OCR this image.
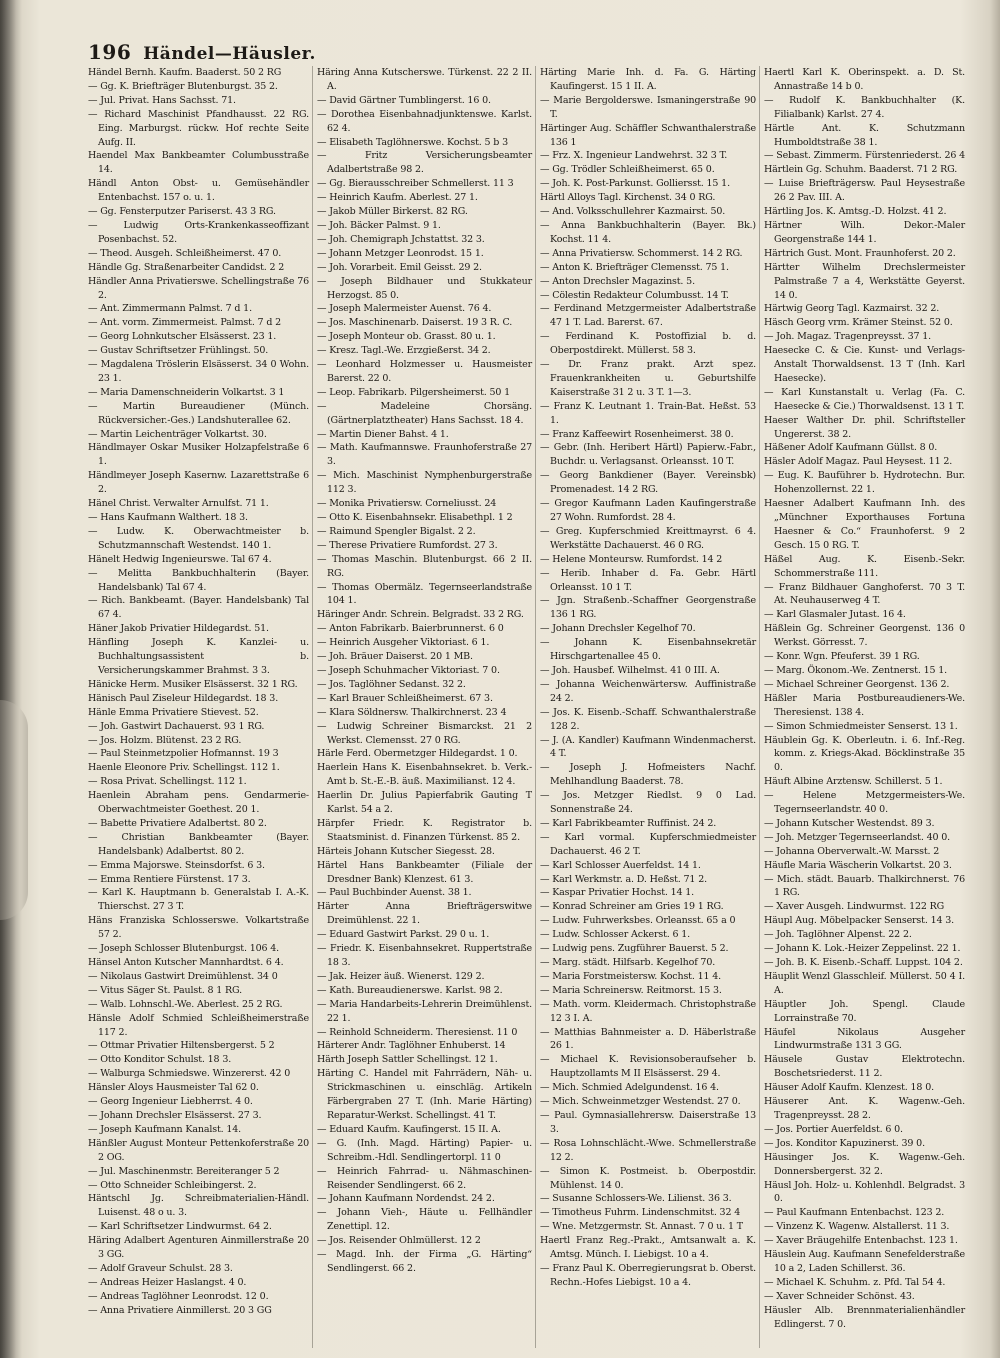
196 Händel—Häusler.

Händel Bernh. Kaufm. Baaderst. 50 2 RG

— Gg. K. Briefträger Blutenburgst. 35 2.

— Jul. Privat. Hans Sachsst. 71.

— Richard Maschinist Pfandhausst. 22 RG. Eing. Marburgst. rückw. Hof rechte Seite Aufg. II.

Haendel Max Bankbeamter Columbusstraße 14.

Händl Anton Obst- u. Gemüsehändler Entenbachst. 157 o. u. 1.

— Gg. Fensterputzer Pariserst. 43 3 RG.

— Ludwig Orts-Krankenkasseoffizant Posenbachst. 52.

— Theod. Ausgeh. Schleißheimerst. 47 0.

Händle Gg. Straßenarbeiter Candidst. 2 2

Händler Anna Privatierswe. Schellingstraße 76 2.

— Ant. Zimmermann Palmst. 7 d 1.

— Ant. vorm. Zimmermeist. Palmst. 7 d 2

— Georg Lohnkutscher Elsässerst. 23 1.

— Gustav Schriftsetzer Frühlingst. 50.

— Magdalena Tröslerin Elsässerst. 34 0 Wohn. 23 1.

— Maria Damenschneiderin Volkartst. 3 1

— Martin Bureaudiener (Münch. Rückversicher.-Ges.) Landshuterallee 62.

— Martin Leichenträger Volkartst. 30.

Händlmayer Oskar Musiker Holzapfelstraße 6 1.

Händlmeyer Joseph Kasernw. Lazarettstraße 6 2.

Hänel Christ. Verwalter Arnulfst. 71 1.

— Hans Kaufmann Walthert. 18 3.

— Ludw. K. Oberwachtmeister b. Schutzmannschaft Westendst. 140 1.

Hänelt Hedwig Ingenieurswe. Tal 67 4.

— Melitta Bankbuchhalterin (Bayer. Handelsbank) Tal 67 4.

— Rich. Bankbeamt. (Bayer. Handelsbank) Tal 67 4.

Häner Jakob Privatier Hildegardst. 51.

Hänfling Joseph K. Kanzlei- u. Buchhaltungsassistent b. Versicherungskammer Brahmst. 3 3.

Hänicke Herm. Musiker Elsässerst. 32 1 RG.

Hänisch Paul Ziseleur Hildegardst. 18 3.

Hänle Emma Privatiere Stievest. 52.

— Joh. Gastwirt Dachauerst. 93 1 RG.

— Jos. Holzm. Blütenst. 23 2 RG.

— Paul Steinmetzpolier Hofmannst. 19 3

Haenle Eleonore Priv. Schellingst. 112 1.

— Rosa Privat. Schellingst. 112 1.

Haenlein Abraham pens. Gendarmerie-Oberwachtmeister Goethest. 20 1.

— Babette Privatiere Adalbertst. 80 2.

— Christian Bankbeamter (Bayer. Handelsbank) Adalbertst. 80 2.

— Emma Majorswe. Steinsdorfst. 6 3.

— Emma Rentiere Fürstenst. 17 3.

— Karl K. Hauptmann b. Generalstab I. A.-K. Thierschst. 27 3 T.

Häns Franziska Schlosserswe. Volkartstraße 57 2.

— Joseph Schlosser Blutenburgst. 106 4.

Hänsel Anton Kutscher Mannhardtst. 6 4.

— Nikolaus Gastwirt Dreimühlenst. 34 0

— Vitus Säger St. Paulst. 8 1 RG.

— Walb. Lohnschl.-We. Aberlest. 25 2 RG.

Hänsle Adolf Schmied Schleißheimerstraße 117 2.

— Ottmar Privatier Hiltensbergerst. 5 2

— Otto Konditor Schulst. 18 3.

— Walburga Schmiedswe. Winzererst. 42 0

Hänsler Aloys Hausmeister Tal 62 0.

— Georg Ingenieur Liebherrst. 4 0.

— Johann Drechsler Elsässerst. 27 3.

— Joseph Kaufmann Kanalst. 14.

Hänßler August Monteur Pettenkoferstraße 20 2 OG.

— Jul. Maschinenmstr. Bereiteranger 5 2

— Otto Schneider Schleibingerst. 2.

Häntschl Jg. Schreibmaterialien-Händl. Luisenst. 48 o u. 3.

— Karl Schriftsetzer Lindwurmst. 64 2.

Häring Adalbert Agenturen Ainmillerstraße 20 3 GG.

— Adolf Graveur Schulst. 28 3.

— Andreas Heizer Haslangst. 4 0.

— Andreas Taglöhner Leonrodst. 12 0.

— Anna Privatiere Ainmillerst. 20 3 GG

Häring Anna Kutscherswe. Türkenst. 22 2 II. A.

— David Gärtner Tumblingerst. 16 0.

— Dorothea Eisenbahnadjunktenswe. Karlst. 62 4.

— Elisabeth Taglöhnerswe. Kochst. 5 b 3

— Fritz Versicherungsbeamter Adalbertstraße 98 2.

— Gg. Bierausschreiber Schmellerst. 11 3

— Heinrich Kaufm. Aberlest. 27 1.

— Jakob Müller Birkerst. 82 RG.

— Joh. Bäcker Palmst. 9 1.

— Joh. Chemigraph Jchstattst. 32 3.

— Johann Metzger Leonrodst. 15 1.

— Joh. Vorarbeit. Emil Geisst. 29 2.

— Joseph Bildhauer und Stukkateur Herzogst. 85 0.

— Joseph Malermeister Auenst. 76 4.

— Jos. Maschinenarb. Daiserst. 19 3 R. C.

— Joseph Monteur ob. Grasst. 80 u. 1.

— Kresz. Tagl.-We. Erzgießerst. 34 2.

— Leonhard Holzmesser u. Hausmeister Barerst. 22 0.

— Leop. Fabrikarb. Pilgersheimerst. 50 1

— Madeleine Chorsäng. (Gärtnerplatztheater) Hans Sachsst. 18 4.

— Martin Diener Bahst. 4 1.

— Math. Kaufmannswe. Fraunhoferstraße 27 3.

— Mich. Maschinist Nymphenburgerstraße 112 3.

— Monika Privatiersw. Corneliusst. 24

— Otto K. Eisenbahnsekr. Elisabethpl. 1 2

— Raimund Spengler Bigalst. 2 2.

— Therese Privatiere Rumfordst. 27 3.

— Thomas Maschin. Blutenburgst. 66 2 II. RG.

— Thomas Obermälz. Tegernseerlandstraße 104 1.

Häringer Andr. Schrein. Belgradst. 33 2 RG.

— Anton Fabrikarb. Baierbrunnerst. 6 0

— Heinrich Ausgeher Viktoriast. 6 1.

— Joh. Bräuer Daiserst. 20 1 MB.

— Joseph Schuhmacher Viktoriast. 7 0.

— Jos. Taglöhner Sedanst. 32 2.

— Karl Brauer Schleißheimerst. 67 3.

— Klara Söldnersw. Thalkirchnerst. 23 4

— Ludwig Schreiner Bismarckst. 21 2 Werkst. Clemensst. 27 0 RG.

Härle Ferd. Obermetzger Hildegardst. 1 0.

Haerlein Hans K. Eisenbahnsekret. b. Verk.-Amt b. St.-E.-B. äuß. Maximilianst. 12 4.

Haerlin Dr. Julius Papierfabrik Gauting T Karlst. 54 a 2.

Härpfer Friedr. K. Registrator b. Staatsminist. d. Finanzen Türkenst. 85 2.

Härteis Johann Kutscher Siegesst. 28.

Härtel Hans Bankbeamter (Filiale der Dresdner Bank) Klenzest. 61 3.

— Paul Buchbinder Auenst. 38 1.

Härter Anna Briefträgerswitwe Dreimühlenst. 22 1.

— Eduard Gastwirt Parkst. 29 0 u. 1.

— Friedr. K. Eisenbahnsekret. Ruppertstraße 18 3.

— Jak. Heizer äuß. Wienerst. 129 2.

— Kath. Bureaudienerswe. Karlst. 98 2.

— Maria Handarbeits-Lehrerin Dreimühlenst. 22 1.

— Reinhold Schneiderm. Theresienst. 11 0

Härterer Andr. Taglöhner Enhuberst. 14

Härth Joseph Sattler Schellingst. 12 1.

Härting C. Handel mit Fahrrädern, Näh- u. Strickmaschinen u. einschläg. Artikeln Färbergraben 27 T. (Inh. Marie Härting) Reparatur-Werkst. Schellingst. 41 T.

— Eduard Kaufm. Kaufingerst. 15 II. A.

— G. (Inh. Magd. Härting) Papier- u. Schreibm.-Hdl. Sendlingertorpl. 11 0

— Heinrich Fahrrad- u. Nähmaschinen-Reisender Sendlingerst. 66 2.

— Johann Kaufmann Nordendst. 24 2.

— Johann Vieh-, Häute u. Fellhändler Zenettipl. 12.

— Jos. Reisender Ohlmüllerst. 12 2

— Magd. Inh. der Firma „G. Härting“ Sendlingerst. 66 2.

Härting Marie Inh. d. Fa. G. Härting Kaufingerst. 15 1 II. A.

— Marie Bergolderswe. Ismaningerstraße 90 T.

Härtinger Aug. Schäffler Schwanthalerstraße 136 1

— Frz. X. Ingenieur Landwehrst. 32 3 T.

— Gg. Trödler Schleißheimerst. 65 0.

— Joh. K. Post-Parkunst. Golliersst. 15 1.

Härtl Alloys Tagl. Kirchenst. 34 0 RG.

— And. Volksschullehrer Kazmairst. 50.

— Anna Bankbuchhalterin (Bayer. Bk.) Kochst. 11 4.

— Anna Privatiersw. Schommerst. 14 2 RG.

— Anton K. Briefträger Clemensst. 75 1.

— Anton Drechsler Magazinst. 5.

— Cölestin Redakteur Columbusst. 14 T.

— Ferdinand Metzgermeister Adalbertstraße 47 1 T. Lad. Barerst. 67.

— Ferdinand K. Postoffizial b. d. Oberpostdirekt. Müllerst. 58 3.

— Dr. Franz prakt. Arzt spez. Frauenkrankheiten u. Geburtshilfe Kaiserstraße 31 2 u. 3 T. 1—3.

— Franz K. Leutnant 1. Train-Bat. Heßst. 53 1.

— Franz Kaffeewirt Rosenheimerst. 38 0.

— Gebr. (Inh. Heribert Härtl) Papierw.-Fabr., Buchdr. u. Verlagsanst. Orleansst. 10 T.

— Georg Bankdiener (Bayer. Vereinsbk) Promenadest. 14 2 RG.

— Gregor Kaufmann Laden Kaufingerstraße 27 Wohn. Rumfordst. 28 4.

— Greg. Kupferschmied Kreittmayrst. 6 4. Werkstätte Dachauerst. 46 0 RG.

— Helene Monteursw. Rumfordst. 14 2

— Herib. Inhaber d. Fa. Gebr. Härtl Orleansst. 10 1 T.

— Jgn. Straßenb.-Schaffner Georgenstraße 136 1 RG.

— Johann Drechsler Kegelhof 70.

— Johann K. Eisenbahnsekretär Hirschgartenallee 45 0.

— Joh. Hausbef. Wilhelmst. 41 0 III. A.

— Johanna Weichenwärtersw. Auffinistraße 24 2.

— Jos. K. Eisenb.-Schaff. Schwanthalerstraße 128 2.

— J. (A. Kandler) Kaufmann Windenmacherst. 4 T.

— Joseph J. Hofmeisters Nachf. Mehlhandlung Baaderst. 78.

— Jos. Metzger Riedlst. 9 0 Lad. Sonnenstraße 24.

— Karl Fabrikbeamter Ruffinist. 24 2.

— Karl vormal. Kupferschmiedmeister Dachauerst. 46 2 T.

— Karl Schlosser Auerfeldst. 14 1.

— Karl Werkmstr. a. D. Heßst. 71 2.

— Kaspar Privatier Hochst. 14 1.

— Konrad Schreiner am Gries 19 1 RG.

— Ludw. Fuhrwerksbes. Orleansst. 65 a 0

— Ludw. Schlosser Ackerst. 6 1.

— Ludwig pens. Zugführer Bauerst. 5 2.

— Marg. städt. Hilfsarb. Kegelhof 70.

— Maria Forstmeistersw. Kochst. 11 4.

— Maria Schreinersw. Reitmorst. 15 3.

— Math. vorm. Kleidermach. Christophstraße 12 3 I. A.

— Matthias Bahnmeister a. D. Häberlstraße 26 1.

— Michael K. Revisionsoberaufseher b. Hauptzollamts M II Elsässerst. 29 4.

— Mich. Schmied Adelgundenst. 16 4.

— Mich. Schweinmetzger Westendst. 27 0.

— Paul. Gymnasiallehrersw. Daiserstraße 13 3.

— Rosa Lohnschlächt.-Wwe. Schmellerstraße 12 2.

— Simon K. Postmeist. b. Oberpostdir. Mühlenst. 14 0.

— Susanne Schlossers-We. Lilienst. 36 3.

— Timotheus Fuhrm. Lindenschmitst. 32 4

— Wne. Metzgermstr. St. Annast. 7 0 u. 1 T

Haertl Franz Reg.-Prakt., Amtsanwalt a. K. Amtsg. Münch. I. Liebigst. 10 a 4.

— Franz Paul K. Oberregierungsrat b. Oberst. Rechn.-Hofes Liebigst. 10 a 4.

Haertl Karl K. Oberinspekt. a. D. St. Annastraße 14 b 0.

— Rudolf K. Bankbuchhalter (K. Filialbank) Karlst. 27 4.

Härtle Ant. K. Schutzmann Humboldtstraße 38 1.

— Sebast. Zimmerm. Fürstenriederst. 26 4

Härtlein Gg. Schuhm. Baaderst. 71 2 RG.

— Luise Briefträgersw. Paul Heysestraße 26 2 Pav. III. A.

Härtling Jos. K. Amtsg.-D. Holzst. 41 2.

Härtner Wilh. Dekor.-Maler Georgenstraße 144 1.

Härtrich Gust. Mont. Fraunhoferst. 20 2.

Härtter Wilhelm Drechslermeister Palmstraße 7 a 4, Werkstätte Geyerst. 14 0.

Härtwig Georg Tagl. Kazmairst. 32 2.

Häsch Georg vrm. Krämer Steinst. 52 0.

— Joh. Magaz. Tragenpreysst. 37 1.

Haesecke C. & Cie. Kunst- und Verlags-Anstalt Thorwaldsenst. 13 T (Inh. Karl Haesecke).

— Karl Kunstanstalt u. Verlag (Fa. C. Haesecke & Cie.) Thorwaldsenst. 13 1 T.

Haeser Walther Dr. phil. Schriftsteller Ungererst. 38 2.

Häßener Adolf Kaufmann Güllst. 8 0.

Häsler Adolf Magaz. Paul Heysest. 11 2.

— Eug. K. Bauführer b. Hydrotechn. Bur. Hohenzollernst. 22 1.

Haesner Adalbert Kaufmann Inh. des „Münchner Exporthauses Fortuna Haesner & Co.“ Fraunhoferst. 9 2 Gesch. 15 0 RG. T.

Häßel Aug. K. Eisenb.-Sekr. Schommerstraße 111.

— Franz Bildhauer Ganghoferst. 70 3 T. At. Neuhauserweg 4 T.

— Karl Glasmaler Jutast. 16 4.

Häßlein Gg. Schreiner Georgenst. 136 0 Werkst. Görresst. 7.

— Konr. Wgn. Pfeuferst. 39 1 RG.

— Marg. Ökonom.-We. Zentnerst. 15 1.

— Michael Schreiner Georgenst. 136 2.

Häßler Maria Postbureaudieners-We. Theresienst. 138 4.

— Simon Schmiedmeister Senserst. 13 1.

Häublein Gg. K. Oberleutn. i. 6. Inf.-Reg. komm. z. Kriegs-Akad. Böcklinstraße 35 0.

Häuft Albine Arztensw. Schillerst. 5 1.

— Helene Metzgermeisters-We. Tegernseerlandstr. 40 0.

— Johann Kutscher Westendst. 89 3.

— Joh. Metzger Tegernseerlandst. 40 0.

— Johanna Oberverwalt.-W. Marsst. 2

Häufle Maria Wäscherin Volkartst. 20 3.

— Mich. städt. Bauarb. Thalkirchnerst. 76 1 RG.

— Xaver Ausgeh. Lindwurmst. 122 RG

Häupl Aug. Möbelpacker Senserst. 14 3.

— Joh. Taglöhner Alpenst. 22 2.

— Johann K. Lok.-Heizer Zeppelinst. 22 1.

— Joh. B. K. Eisenb.-Schaff. Luppst. 104 2.

Häuplit Wenzl Glasschleif. Müllerst. 50 4 I. A.

Häuptler Joh. Spengl. Claude Lorrainstraße 70.

Häufel Nikolaus Ausgeher Lindwurmstraße 131 3 GG.

Häusele Gustav Elektrotechn. Boschetsriederst. 11 2.

Häuser Adolf Kaufm. Klenzest. 18 0.

Häuserer Ant. K. Wagenw.-Geh. Tragenpreysst. 28 2.

— Jos. Portier Auerfeldst. 6 0.

— Jos. Konditor Kapuzinerst. 39 0.

Häusinger Jos. K. Wagenw.-Geh. Donnersbergerst. 32 2.

Häusl Joh. Holz- u. Kohlenhdl. Belgradst. 3 0.

— Paul Kaufmann Entenbachst. 123 2.

— Vinzenz K. Wagenw. Alstallerst. 11 3.

— Xaver Bräugehilfe Entenbachst. 123 1.

Häuslein Aug. Kaufmann Senefelderstraße 10 a 2, Laden Schillerst. 36.

— Michael K. Schuhm. z. Pfd. Tal 54 4.

— Xaver Schneider Schönst. 43.

Häusler Alb. Brennmaterialienhändler Edlingerst. 7 0.
